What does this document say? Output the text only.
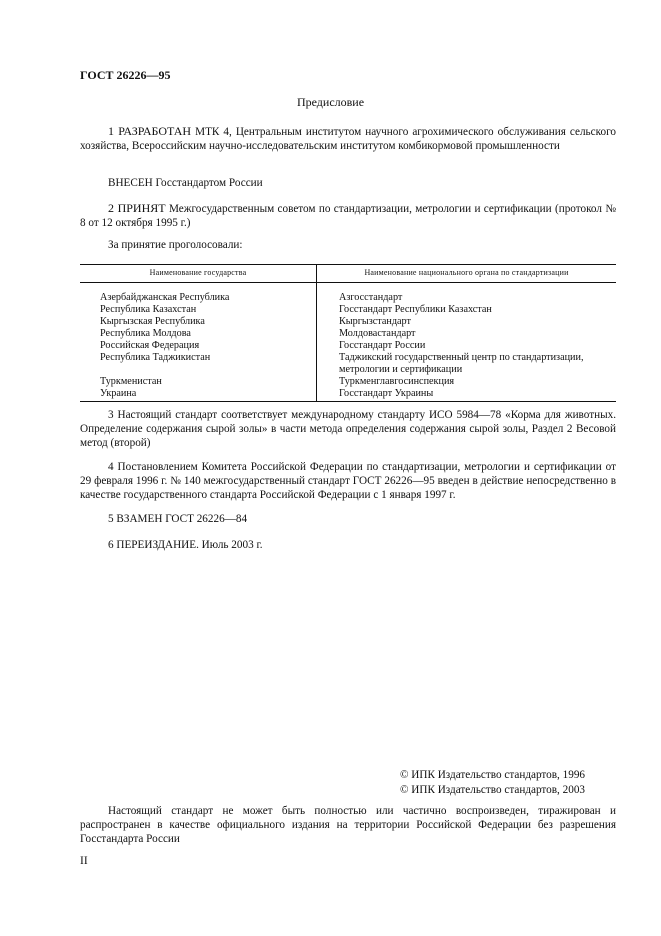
ГОСТ 26226—95
Предисловие
1 РАЗРАБОТАН МТК 4, Центральным институтом научного агрохимического обслуживания сельского хозяйства, Всероссийским научно-исследовательским институтом комбикормовой промышленности
ВНЕСЕН Госстандартом России
2 ПРИНЯТ Межгосударственным советом по стандартизации, метрологии и сертификации (протокол № 8 от 12 октября 1995 г.)
За принятие проголосовали:
Наименование государства	Наименование национального органа по стандартизации
Азербайджанская Республика	Азгосстандарт
Республика Казахстан	Госстандарт Республики Казахстан
Кыргызская Республика	Кыргызстандарт
Республика Молдова	Молдовастандарт
Российская Федерация	Госстандарт России
Республика Таджикистан	Таджикский государственный центр по стандартизации, метрологии и сертификации
Туркменистан	Туркменглавгосинспекция
Украина	Госстандарт Украины
3 Настоящий стандарт соответствует международному стандарту ИСО 5984—78 «Корма для животных. Определение содержания сырой золы» в части метода определения содержания сырой золы, Раздел 2 Весовой метод (второй)
4 Постановлением Комитета Российской Федерации по стандартизации, метрологии и сертификации от 29 февраля 1996 г. № 140 межгосударственный стандарт ГОСТ 26226—95 введен в действие непосредственно в качестве государственного стандарта Российской Федерации с 1 января 1997 г.
5 ВЗАМЕН ГОСТ 26226—84
6 ПЕРЕИЗДАНИЕ. Июль 2003 г.
© ИПК Издательство стандартов, 1996
© ИПК Издательство стандартов, 2003
Настоящий стандарт не может быть полностью или частично воспроизведен, тиражирован и распространен в качестве официального издания на территории Российской Федерации без разрешения Госстандарта России
II
